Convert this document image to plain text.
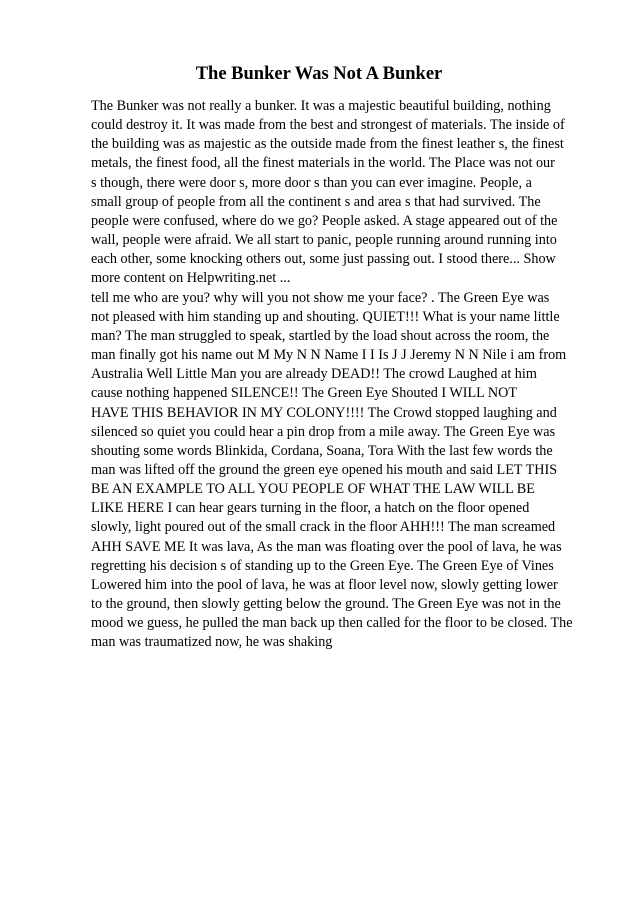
The Bunker Was Not A Bunker
The Bunker was not really a bunker. It was a majestic beautiful building, nothing
could destroy it. It was made from the best and strongest of materials. The inside of
the building was as majestic as the outside made from the finest leather s, the finest
metals, the finest food, all the finest materials in the world. The Place was not our
s though, there were door s, more door s than you can ever imagine. People, a
small group of people from all the continent s and area s that had survived. The
people were confused, where do we go? People asked. A stage appeared out of the
wall, people were afraid. We all start to panic, people running around running into
each other, some knocking others out, some just passing out. I stood there... Show
more content on Helpwriting.net ...
tell me who are you? why will you not show me your face? . The Green Eye was
not pleased with him standing up and shouting. QUIET!!! What is your name little
man? The man struggled to speak, startled by the load shout across the room, the
man finally got his name out M My N N Name I I Is J J Jeremy N N Nile i am from
Australia Well Little Man you are already DEAD!! The crowd Laughed at him
cause nothing happened SILENCE!! The Green Eye Shouted I WILL NOT
HAVE THIS BEHAVIOR IN MY COLONY!!!! The Crowd stopped laughing and
silenced so quiet you could hear a pin drop from a mile away. The Green Eye was
shouting some words Blinkida, Cordana, Soana, Tora With the last few words the
man was lifted off the ground the green eye opened his mouth and said LET THIS
BE AN EXAMPLE TO ALL YOU PEOPLE OF WHAT THE LAW WILL BE
LIKE HERE I can hear gears turning in the floor, a hatch on the floor opened
slowly, light poured out of the small crack in the floor AHH!!! The man screamed
AHH SAVE ME It was lava, As the man was floating over the pool of lava, he was
regretting his decision s of standing up to the Green Eye. The Green Eye of Vines
Lowered him into the pool of lava, he was at floor level now, slowly getting lower
to the ground, then slowly getting below the ground. The Green Eye was not in the
mood we guess, he pulled the man back up then called for the floor to be closed. The
man was traumatized now, he was shaking
